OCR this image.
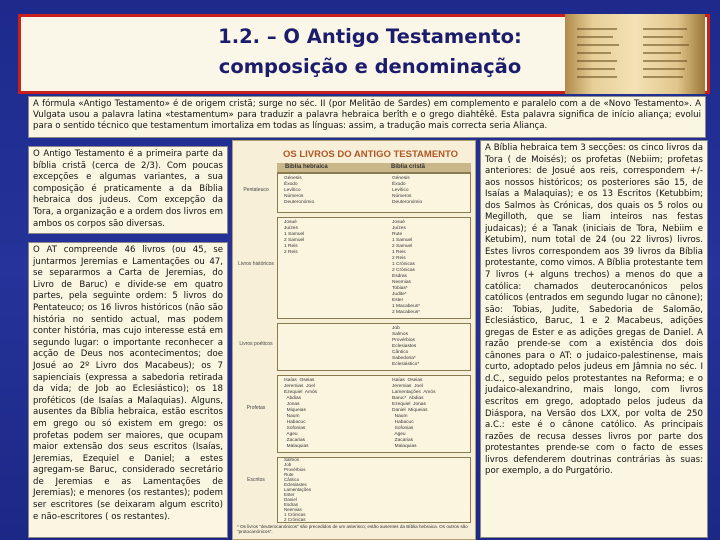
1.2. – O Antigo Testamento:
composição e denominação
A fórmula «Antigo Testamento» é de origem cristã; surge no séc. II (por Melitão de Sardes) em complemento e paralelo com a de «Novo Testamento». A Vulgata usou a palavra latina «testamentum» para traduzir a palavra hebraica berîth e o grego diahtêkê. Esta palavra significa de início aliança; evolui para o sentido técnico que testamentum imortaliza em todas as línguas: assim, a tradução mais correcta seria Aliança.
O Antigo Testamento é a primeira parte da bíblia cristã (cerca de 2/3). Com poucas excepções e algumas variantes, a sua composição é praticamente a da Bíblia hebraica dos judeus. Com excepção da Tora, a organização e a ordem dos livros em ambos os corpos são diversas.
O AT compreende 46 livros (ou 45, se juntarmos Jeremias e Lamentações ou 47, se separarmos a Carta de Jeremias, do Livro de Baruc) e divide-se em quatro partes, pela seguinte ordem: 5 livros do Pentateuco; os 16 livros históricos (não são história no sentido actual, mas podem conter história, mas cujo interesse está em segundo lugar: o importante reconhecer a acção de Deus nos acontecimentos; doe Josué ao 2º Livro dos Macabeus); os 7 sapienciais (expressa a sabedoria retirada da vida; de Job ao Eclesiástico); os 18 proféticos (de Isaías a Malaquias). Alguns, ausentes da Bíblia hebraica, estão escritos em grego ou só existem em grego: os profetas podem ser maiores, que ocupam maior extensão dos seus escritos (Isaías, Jeremias, Ezequiel e Daniel; a estes agregam-se Baruc, considerado secretário de Jeremias e as Lamentações de Jeremias); e menores (os restantes); podem ser escritores (se deixaram algum escrito) e não-escritores ( os restantes).
OS LIVROS DO ANTIGO TESTAMENTO
Bíblia hebraica	Bíblia cristã
Pentateuco
Génesis
Êxodo
Levítico
Números
Deuteronómio
Génesis
Êxodo
Levítico
Números
Deuteronómio
Livros históricos
Josué
Juízes
1 Samuel
2 Samuel
1 Reis
2 Reis
Josué
Juízes
Rute
1 Samuel
2 Samuel
1 Reis
2 Reis
1 Crónicas
2 Crónicas
Esdras
Neemias
Tobias*
Judite*
Ester
1 Macabeus*
2 Macabeus*
Livros poéticos
Job
Salmos
Provérbios
Eclesiastes
Cântico
Sabedoria*
Eclesiástico*
Profetas
Isaías  Oseias
Jeremias  Joel
Ezequiel  Amós
Abdias
Jonas
Miqueias
Naum
Habacuc
Sofonias
Ageu
Zacarias
Malaquias
Isaías  Oseias
Jeremias  Joel
Lamentações  Amós
Baruc*  Abdias
Ezequiel  Jonas
Daniel  Miqueias
Naum
Habacuc
Sofonias
Ageu
Zacarias
Malaquias
Escritos
Salmos
Job
Provérbios
Rute
Cântico
Eclesiastes
Lamentações
Ester
Daniel
Esdras
Neemias
1 Crónicas
2 Crónicas
* Os livros "deuterocanónicos" são precedidos de um asterisco; estão ausentes da Bíblia hebraica. Os outros são "protocanónicos".
A Bíblia hebraica tem 3 secções: os cinco livros da Tora ( de Moisés); os profetas (Nebiim; profetas anteriores: de Josué aos reis, correspondem +/- aos nossos históricos; os posteriores são 15, de Isaías a Malaquias); e os 13 Escritos (Ketubbim; dos Salmos às Crónicas, dos quais os 5 rolos ou Megilloth, que se liam inteiros nas festas judaicas); é a Tanak (iniciais de Tora, Nebiim e Ketubim), num total de 24 (ou 22 livros) livros. Estes livros correspondem aos 39 livros da Bíblia protestante, como vimos. A Bíblia protestante tem 7 livros (+ alguns trechos) a menos do que a católica: chamados deuterocanónicos pelos católicos (entrados em segundo lugar no cânone); são: Tobias, Judite, Sabedoria de Salomão, Eclesiástico, Baruc, 1 e 2 Macabeus, adições gregas de Ester e as adições gregas de Daniel. A razão prende-se com a existência dos dois cânones para o AT: o judaico-palestinense, mais curto, adoptado pelos judeus em Jâmnia no séc. I d.C., seguido pelos protestantes na Reforma; e o judaico-alexandrino, mais longo, com livros escritos em grego, adoptado pelos judeus da Diáspora, na Versão dos LXX, por volta de 250 a.C.: este é o cânone católico. As principais razões de recusa desses livros por parte dos protestantes prende-se com o facto de esses livros defenderem doutrinas contrárias às suas: por exemplo, a do Purgatório.
